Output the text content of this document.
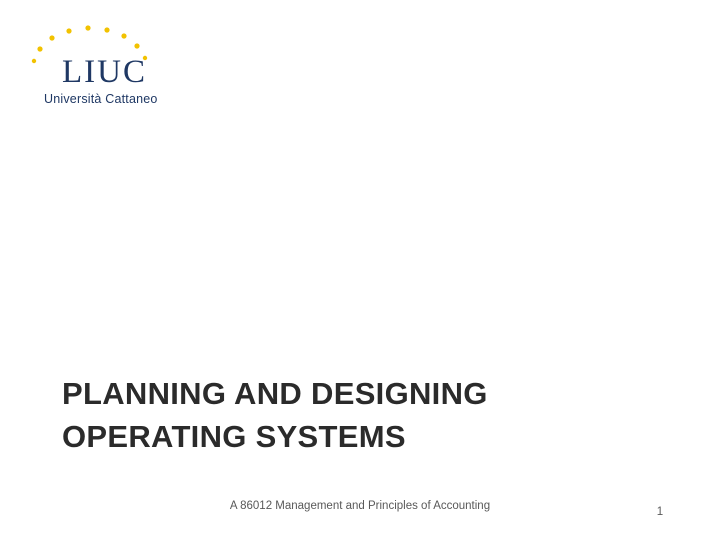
LIUC
Università Cattaneo
PLANNING AND DESIGNING OPERATING SYSTEMS
A 86012 Management and Principles of Accounting	1
